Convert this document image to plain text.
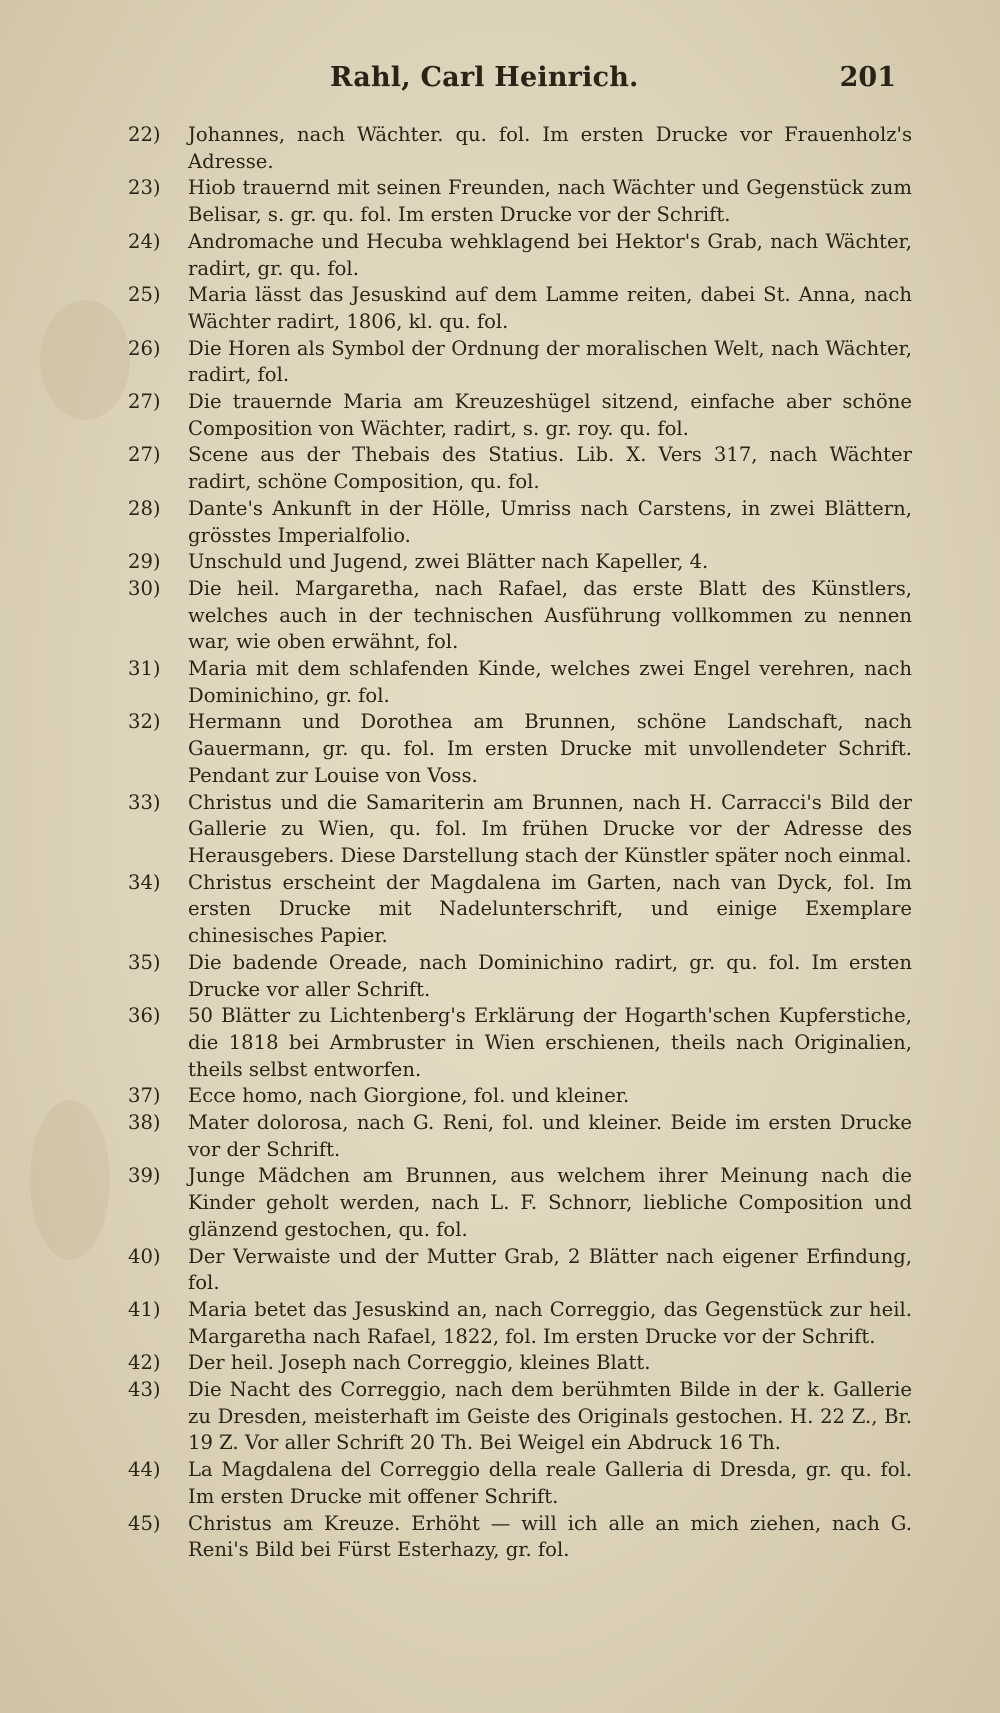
Rahl, Carl Heinrich.	201
22)	Johannes, nach Wächter. qu. fol. Im ersten Drucke vor Frauenholz's Adresse.
23)	Hiob trauernd mit seinen Freunden, nach Wächter und Gegenstück zum Belisar, s. gr. qu. fol. Im ersten Drucke vor der Schrift.
24)	Andromache und Hecuba wehklagend bei Hektor's Grab, nach Wächter, radirt, gr. qu. fol.
25)	Maria lässt das Jesuskind auf dem Lamme reiten, dabei St. Anna, nach Wächter radirt, 1806, kl. qu. fol.
26)	Die Horen als Symbol der Ordnung der moralischen Welt, nach Wächter, radirt, fol.
27)	Die trauernde Maria am Kreuzeshügel sitzend, einfache aber schöne Composition von Wächter, radirt, s. gr. roy. qu. fol.
27)	Scene aus der Thebais des Statius. Lib. X. Vers 317, nach Wächter radirt, schöne Composition, qu. fol.
28)	Dante's Ankunft in der Hölle, Umriss nach Carstens, in zwei Blättern, grösstes Imperialfolio.
29)	Unschuld und Jugend, zwei Blätter nach Kapeller, 4.
30)	Die heil. Margaretha, nach Rafael, das erste Blatt des Künstlers, welches auch in der technischen Ausführung vollkommen zu nennen war, wie oben erwähnt, fol.
31)	Maria mit dem schlafenden Kinde, welches zwei Engel verehren, nach Dominichino, gr. fol.
32)	Hermann und Dorothea am Brunnen, schöne Landschaft, nach Gauermann, gr. qu. fol. Im ersten Drucke mit unvollendeter Schrift. Pendant zur Louise von Voss.
33)	Christus und die Samariterin am Brunnen, nach H. Carracci's Bild der Gallerie zu Wien, qu. fol. Im frühen Drucke vor der Adresse des Herausgebers. Diese Darstellung stach der Künstler später noch einmal.
34)	Christus erscheint der Magdalena im Garten, nach van Dyck, fol. Im ersten Drucke mit Nadelunterschrift, und einige Exemplare chinesisches Papier.
35)	Die badende Oreade, nach Dominichino radirt, gr. qu. fol. Im ersten Drucke vor aller Schrift.
36)	50 Blätter zu Lichtenberg's Erklärung der Hogarth'schen Kupferstiche, die 1818 bei Armbruster in Wien erschienen, theils nach Originalien, theils selbst entworfen.
37)	Ecce homo, nach Giorgione, fol. und kleiner.
38)	Mater dolorosa, nach G. Reni, fol. und kleiner. Beide im ersten Drucke vor der Schrift.
39)	Junge Mädchen am Brunnen, aus welchem ihrer Meinung nach die Kinder geholt werden, nach L. F. Schnorr, liebliche Composition und glänzend gestochen, qu. fol.
40)	Der Verwaiste und der Mutter Grab, 2 Blätter nach eigener Erfindung, fol.
41)	Maria betet das Jesuskind an, nach Correggio, das Gegenstück zur heil. Margaretha nach Rafael, 1822, fol. Im ersten Drucke vor der Schrift.
42)	Der heil. Joseph nach Correggio, kleines Blatt.
43)	Die Nacht des Correggio, nach dem berühmten Bilde in der k. Gallerie zu Dresden, meisterhaft im Geiste des Originals gestochen. H. 22 Z., Br. 19 Z. Vor aller Schrift 20 Th. Bei Weigel ein Abdruck 16 Th.
44)	La Magdalena del Correggio della reale Galleria di Dresda, gr. qu. fol. Im ersten Drucke mit offener Schrift.
45)	Christus am Kreuze. Erhöht — will ich alle an mich ziehen, nach G. Reni's Bild bei Fürst Esterhazy, gr. fol.
